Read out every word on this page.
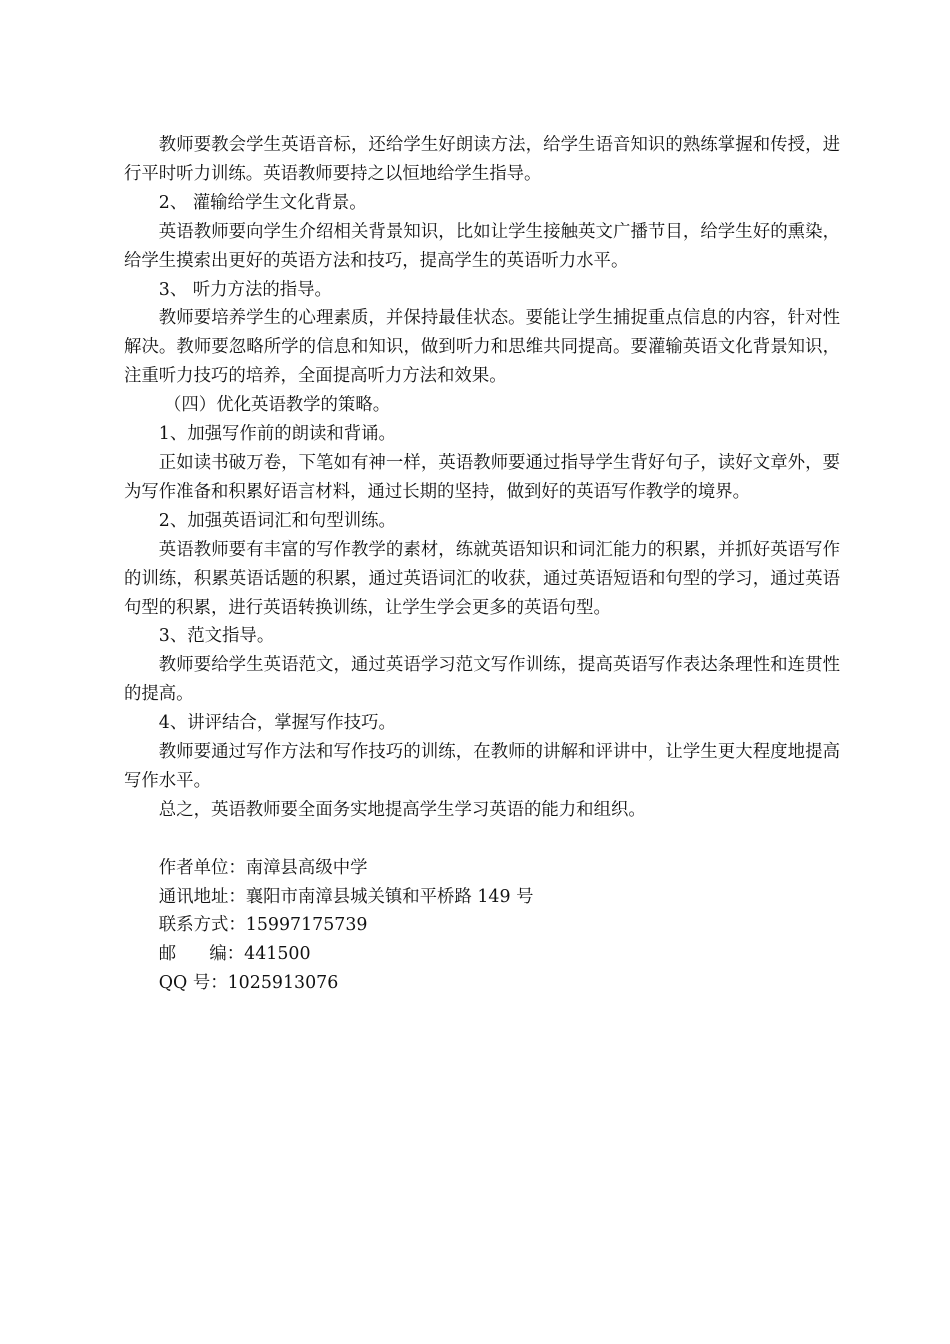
教师要教会学生英语音标，还给学生好朗读方法，给学生语音知识的熟练掌握和传授，进行平时听力训练。英语教师要持之以恒地给学生指导。

2、 灌输给学生文化背景。

英语教师要向学生介绍相关背景知识，比如让学生接触英文广播节目，给学生好的熏染，给学生摸索出更好的英语方法和技巧，提高学生的英语听力水平。

3、 听力方法的指导。

教师要培养学生的心理素质，并保持最佳状态。要能让学生捕捉重点信息的内容，针对性解决。教师要忽略所学的信息和知识，做到听力和思维共同提高。要灌输英语文化背景知识，注重听力技巧的培养，全面提高听力方法和效果。

（四）优化英语教学的策略。

1、加强写作前的朗读和背诵。

正如读书破万卷，下笔如有神一样，英语教师要通过指导学生背好句子，读好文章外，要为写作准备和积累好语言材料，通过长期的坚持，做到好的英语写作教学的境界。

2、加强英语词汇和句型训练。

英语教师要有丰富的写作教学的素材，练就英语知识和词汇能力的积累，并抓好英语写作的训练，积累英语话题的积累，通过英语词汇的收获，通过英语短语和句型的学习，通过英语句型的积累，进行英语转换训练，让学生学会更多的英语句型。

3、范文指导。

教师要给学生英语范文，通过英语学习范文写作训练，提高英语写作表达条理性和连贯性的提高。

4、讲评结合，掌握写作技巧。

教师要通过写作方法和写作技巧的训练，在教师的讲解和评讲中，让学生更大程度地提高写作水平。

总之，英语教师要全面务实地提高学生学习英语的能力和组织。

作者单位：南漳县高级中学

通讯地址：襄阳市南漳县城关镇和平桥路 149 号

联系方式：15997175739

邮      编：441500

QQ 号：1025913076
